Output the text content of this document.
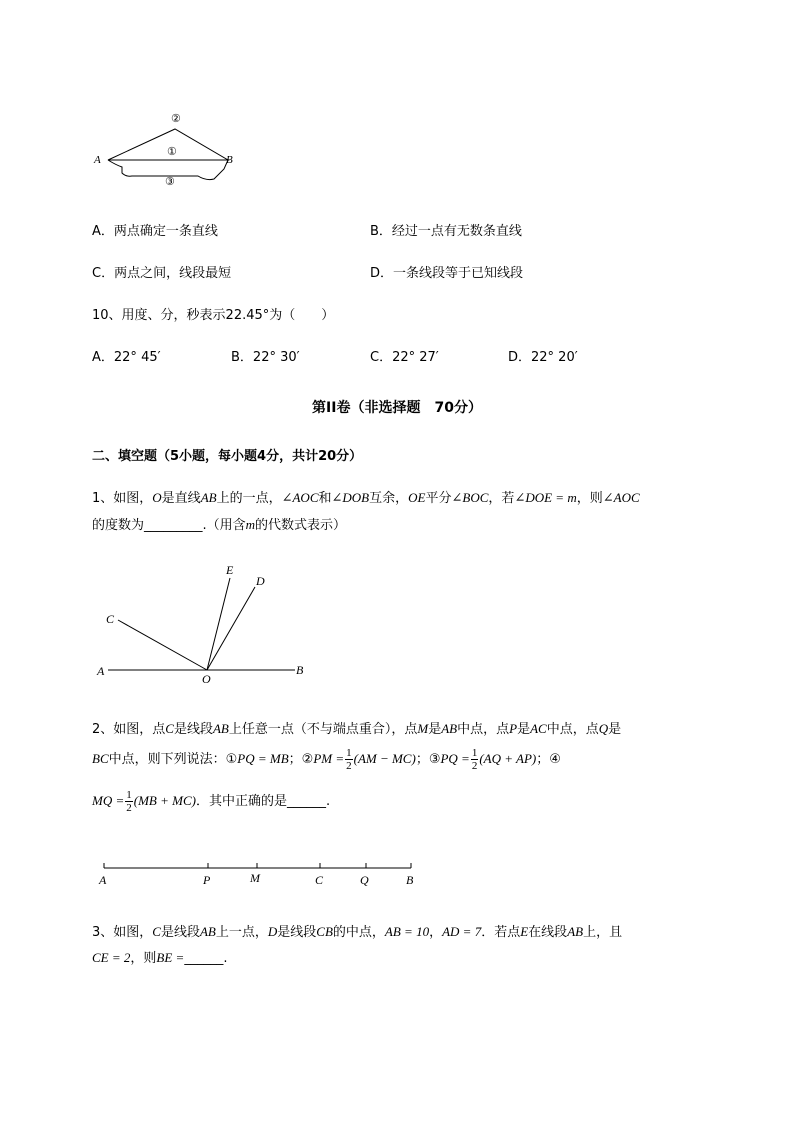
A	B
①
②
③
A．两点确定一条直线	B．经过一点有无数条直线
C．两点之间，线段最短	D．一条线段等于已知线段
10、用度、分，秒表示22.45°为（　　）
A．22° 45′	B．22° 30′	C．22° 27′	D．22° 20′
第II卷（非选择题　70分）
二、填空题（5小题，每小题4分，共计20分）
1、如图，O是直线AB上的一点，∠AOC和∠DOB互余，OE平分∠BOC，若∠DOE = m，则∠AOC
的度数为_________.（用含m的代数式表示）
E
D
C
A
O
B
2、如图，点C是线段AB上任意一点（不与端点重合），点M是AB中点，点P是AC中点，点Q是
BC中点，则下列说法：①PQ = MB；②PM = $\frac{1}{2} (AM - MC)$；③PQ = $\frac{1}{2} (AQ + AP)$；④
MQ = $\frac{1}{2} (MB + MC)$．其中正确的是______.
A	P	M	C	Q	B
3、如图，C是线段AB上一点，D是线段CB的中点，AB = 10，AD = 7．若点E在线段AB上，且
CE = 2，则BE =______.
